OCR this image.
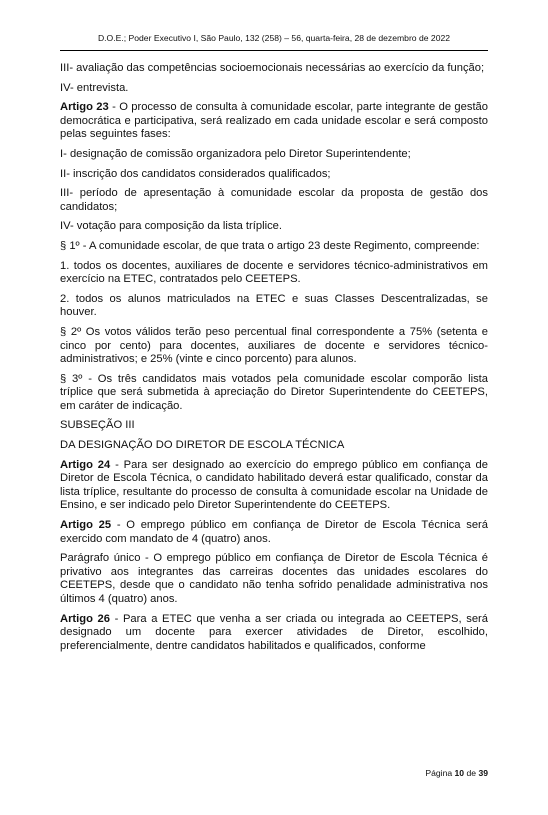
D.O.E.; Poder Executivo I, São Paulo, 132 (258) – 56, quarta-feira, 28 de dezembro de 2022

III- avaliação das competências socioemocionais necessárias ao exercício da função;

IV- entrevista.

Artigo 23 - O processo de consulta à comunidade escolar, parte integrante de gestão democrática e participativa, será realizado em cada unidade escolar e será composto pelas seguintes fases:

I- designação de comissão organizadora pelo Diretor Superintendente;

II- inscrição dos candidatos considerados qualificados;

III- período de apresentação à comunidade escolar da proposta de gestão dos candidatos;

IV- votação para composição da lista tríplice.

§ 1º - A comunidade escolar, de que trata o artigo 23 deste Regimento, compreende:

1. todos os docentes, auxiliares de docente e servidores técnico-administrativos em exercício na ETEC, contratados pelo CEETEPS.

2. todos os alunos matriculados na ETEC e suas Classes Descentralizadas, se houver.

§ 2º Os votos válidos terão peso percentual final correspondente a 75% (setenta e cinco por cento) para docentes, auxiliares de docente e servidores técnico-administrativos; e 25% (vinte e cinco porcento) para alunos.

§ 3º - Os três candidatos mais votados pela comunidade escolar comporão lista tríplice que será submetida à apreciação do Diretor Superintendente do CEETEPS, em caráter de indicação.

SUBSEÇÃO III

DA DESIGNAÇÃO DO DIRETOR DE ESCOLA TÉCNICA

Artigo 24 - Para ser designado ao exercício do emprego público em confiança de Diretor de Escola Técnica, o candidato habilitado deverá estar qualificado, constar da lista tríplice, resultante do processo de consulta à comunidade escolar na Unidade de Ensino, e ser indicado pelo Diretor Superintendente do CEETEPS.

Artigo 25 - O emprego público em confiança de Diretor de Escola Técnica será exercido com mandato de 4 (quatro) anos.

Parágrafo único - O emprego público em confiança de Diretor de Escola Técnica é privativo aos integrantes das carreiras docentes das unidades escolares do CEETEPS, desde que o candidato não tenha sofrido penalidade administrativa nos últimos 4 (quatro) anos.

Artigo 26 - Para a ETEC que venha a ser criada ou integrada ao CEETEPS, será designado um docente para exercer atividades de Diretor, escolhido, preferencialmente, dentre candidatos habilitados e qualificados, conforme

Página 10 de 39
